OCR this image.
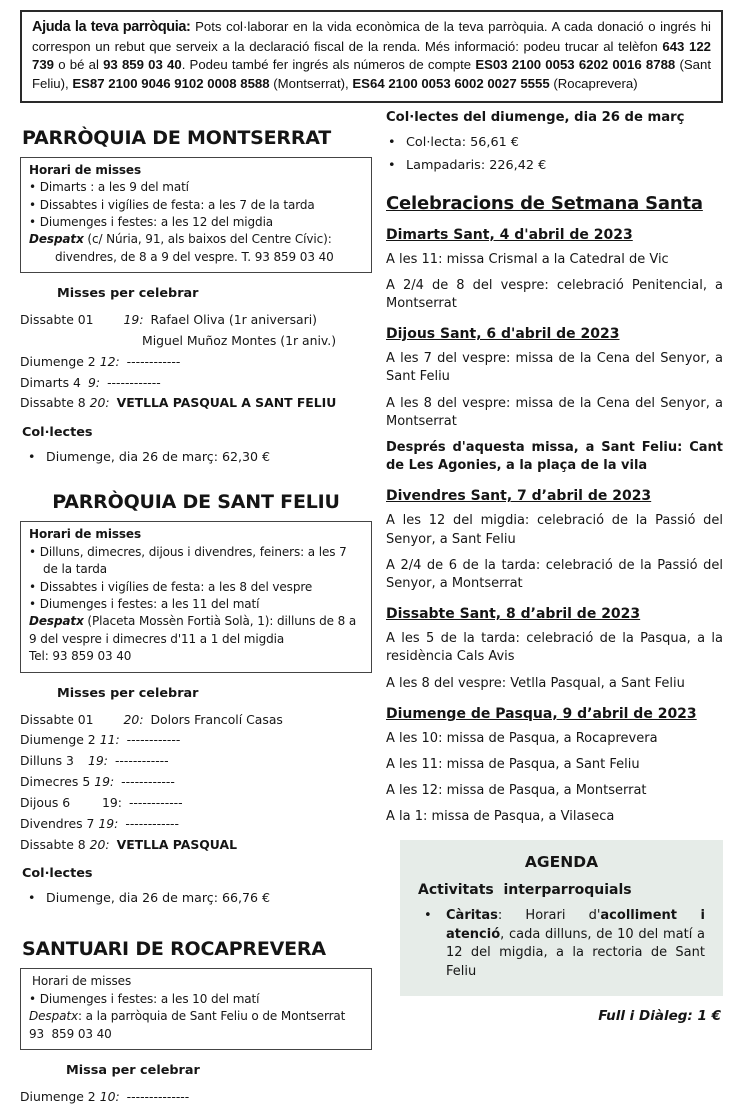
Ajuda la teva parròquia: Pots col·laborar en la vida econòmica de la teva parròquia. A cada donació o ingrés hi correspon un rebut que serveix a la declaració fiscal de la renda. Més informació: podeu trucar al telèfon 643 122 739 o bé al 93 859 03 40. Podeu també fer ingrés als números de compte ES03 2100 0053 6202 0016 8788 (Sant Feliu), ES87 2100 9046 9102 0008 8588 (Montserrat), ES64 2100 0053 6002 0027 5555 (Rocaprevera)
PARRÒQUIA DE MONTSERRAT
Horari de misses
• Dimarts : a les 9 del matí
• Dissabtes i vigílies de festa: a les 7 de la tarda
• Diumenges i festes: a les 12 del migdia
Despatx (c/ Núria, 91, als baixos del Centre Cívic):
divendres, de 8 a 9 del vespre. T. 93 859 03 40
Misses per celebrar
Dissabte 01	19: Rafael Oliva (1r aniversari)
Miguel Muñoz Montes (1r aniv.)
Diumenge 2 12: ------------
Dimarts 4 9: ------------
Dissabte 8 20: VETLLA PASQUAL A SANT FELIU
Col·lectes
• Diumenge, dia 26 de març: 62,30 €
PARRÒQUIA DE SANT FELIU
Horari de misses
• Dilluns, dimecres, dijous i divendres, feiners: a les 7 de la tarda
• Dissabtes i vigílies de festa: a les 8 del vespre
• Diumenges i festes: a les 11 del matí
Despatx (Placeta Mossèn Fortià Solà, 1): dilluns de 8 a 9 del vespre i dimecres d'11 a 1 del migdia
Tel: 93 859 03 40
Misses per celebrar
Dissabte 01	20: Dolors Francolí Casas
Diumenge 2 11: ------------
Dilluns 3	19: ------------
Dimecres 5 19: ------------
Dijous 6	19: ------------
Divendres 7 19: ------------
Dissabte 8 20: VETLLA PASQUAL
Col·lectes
• Diumenge, dia 26 de març: 66,76 €
SANTUARI DE ROCAPREVERA
Horari de misses
• Diumenges i festes: a les 10 del matí
Despatx: a la parròquia de Sant Feliu o de Montserrat
93  859 03 40
Missa per celebrar
Diumenge 2 10: --------------
Col·lectes del diumenge, dia 26 de març
• Col·lecta: 56,61 €
• Lampadaris: 226,42 €
Celebracions de Setmana Santa
Dimarts Sant, 4 d'abril de 2023
A les 11: missa Crismal a la Catedral de Vic
A 2/4 de 8 del vespre: celebració Penitencial, a Montserrat
Dijous Sant, 6 d'abril de 2023
A les 7 del vespre: missa de la Cena del Senyor, a Sant Feliu
A les 8 del vespre: missa de la Cena del Senyor, a Montserrat
Després d'aquesta missa, a Sant Feliu: Cant de Les Agonies, a la plaça de la vila
Divendres Sant, 7 d’abril de 2023
A les 12 del migdia: celebració de la Passió del Senyor, a Sant Feliu
A 2/4 de 6 de la tarda: celebració de la Passió del Senyor, a Montserrat
Dissabte Sant, 8 d’abril de 2023
A les 5 de la tarda: celebració de la Pasqua, a la residència Cals Avis
A les 8 del vespre: Vetlla Pasqual, a Sant Feliu
Diumenge de Pasqua, 9 d’abril de 2023
A les 10: missa de Pasqua, a Rocaprevera
A les 11: missa de Pasqua, a Sant Feliu
A les 12: missa de Pasqua, a Montserrat
A la 1: missa de Pasqua, a Vilaseca
AGENDA
Activitats  interparroquials
•	Càritas: Horari d'acolliment i atenció, cada dilluns, de 10 del matí a 12 del migdia, a la rectoria de Sant Feliu
Full i Diàleg: 1 €
